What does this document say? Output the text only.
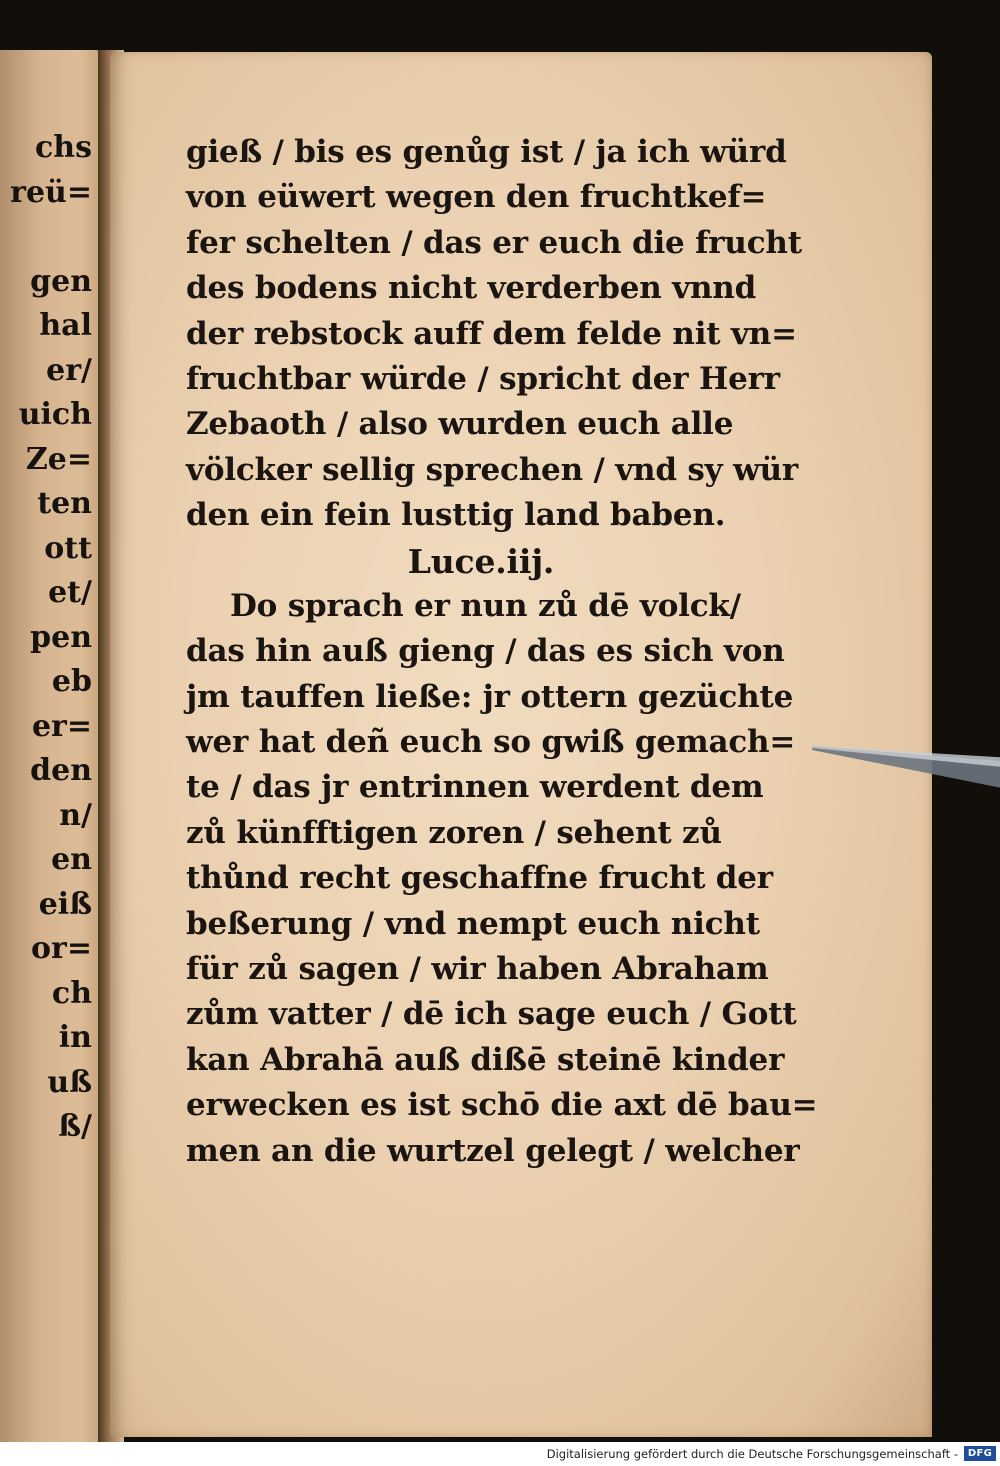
chs
reü=
gen
hal
er/
uich
Ze=
ten
ott
et/
pen
eb
er=
den
n/
en
eiß
or=
ch
in
uß
ß/
gieß / bis es genůg ist / ja ich würd
von eüwert wegen den fruchtkef=
fer schelten / das er euch die frucht
des bodens nicht verderben vnnd
der rebstock auff dem felde nit vn=
fruchtbar würde / spricht der Herr
Zebaoth / also wurden euch alle
völcker sellig sprechen / vnd sy wür
den ein fein lusttig land baben.
Luce.iij.
Do sprach er nun zů dē volck/
das hin auß gieng / das es sich von
jm tauffen ließe: jr ottern gezüchte
wer hat deñ euch so gwiß gemach=
te / das jr entrinnen werdent dem
zů künfftigen zoren / sehent zů
thůnd recht geschaffne frucht der
beßerung / vnd nempt euch nicht
für zů sagen / wir haben Abraham
zům vatter / dē ich sage euch / Gott
kan Abrahā auß dißē steinē kinder
erwecken es ist schō die axt dē bau=
men an die wurtzel gelegt / welcher
Digitalisierung gefördert durch die Deutsche Forschungsgemeinschaft - DFG
